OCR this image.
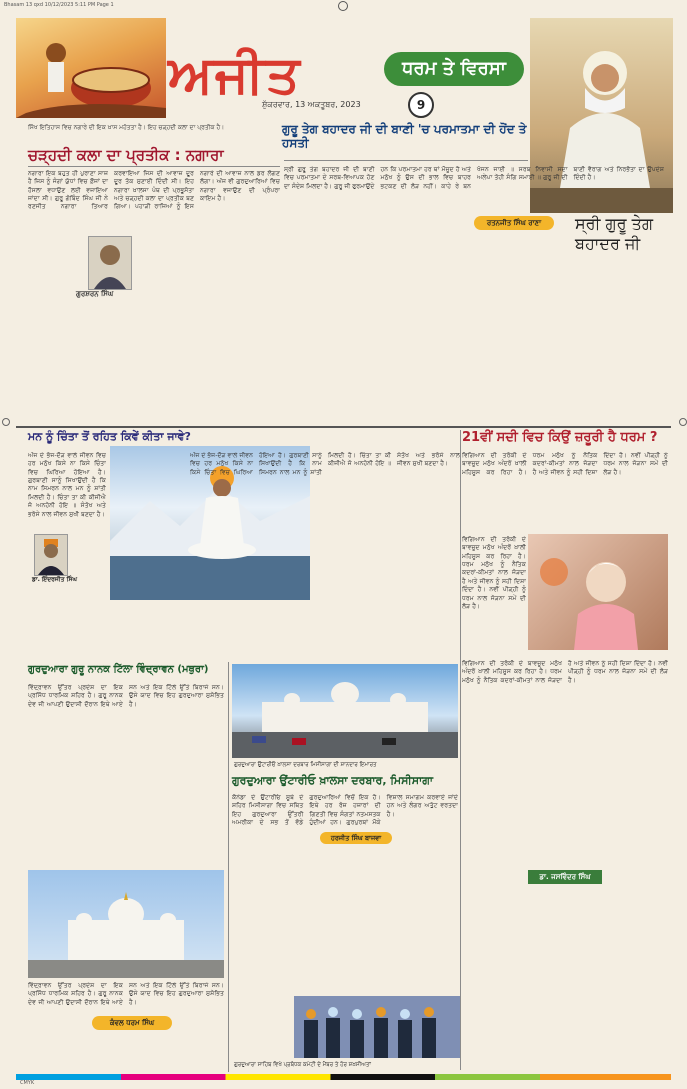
Bhasam 13 qxd 10/12/2023 5:11 PM Page 1
ਅਜੀਤ	ਧਰਮ ਤੇ ਵਿਰਸਾ
ਸ਼ੁੱਕਰਵਾਰ, 13 ਅਕਤੂਬਰ, 2023	9
ਸ੍ਰੀ ਗੁਰੂ ਤੇਗ ਬਹਾਦਰ ਜੀ
ਸਿੱਖ ਇਤਿਹਾਸ ਵਿਚ ਨਗਾਰੇ ਦੀ ਇਕ ਖ਼ਾਸ ਮਹੱਤਤਾ ਹੈ। ਇਹ ਚੜ੍ਹਦੀ ਕਲਾ ਦਾ ਪ੍ਰਤੀਕ ਹੈ।
ਚੜ੍ਹਦੀ ਕਲਾ ਦਾ ਪ੍ਰਤੀਕ : ਨਗਾਰਾ
ਨਗਾਰਾ ਇਕ ਬਹੁਤ ਹੀ ਪੁਰਾਣਾ ਸਾਜ਼ ਹੈ ਜਿਸ ਨੂੰ ਜੰਗਾਂ ਯੁੱਧਾਂ ਵਿਚ ਫ਼ੌਜਾਂ ਦਾ ਹੌਸਲਾ ਵਧਾਉਣ ਲਈ ਵਜਾਇਆ ਜਾਂਦਾ ਸੀ। ਗੁਰੂ ਗੋਬਿੰਦ ਸਿੰਘ ਜੀ ਨੇ ਰਣਜੀਤ ਨਗਾਰਾ ਤਿਆਰ ਕਰਵਾਇਆ ਜਿਸ ਦੀ ਆਵਾਜ਼ ਦੂਰ ਦੂਰ ਤੱਕ ਸੁਣਾਈ ਦਿੰਦੀ ਸੀ। ਇਹ ਨਗਾਰਾ ਖ਼ਾਲਸਾ ਪੰਥ ਦੀ ਪ੍ਰਭੂਸੱਤਾ ਅਤੇ ਚੜ੍ਹਦੀ ਕਲਾ ਦਾ ਪ੍ਰਤੀਕ ਬਣ ਗਿਆ। ਪਹਾੜੀ ਰਾਜਿਆਂ ਨੂੰ ਇਸ ਨਗਾਰੇ ਦੀ ਆਵਾਜ਼ ਨਾਲ ਡਰ ਲੱਗਣ ਲੱਗਾ। ਅੱਜ ਵੀ ਗੁਰਦੁਆਰਿਆਂ ਵਿਚ ਨਗਾਰਾ ਵਜਾਉਣ ਦੀ ਪ੍ਰੰਪਰਾ ਕਾਇਮ ਹੈ।
ਗੁਰਸ਼ਰਨ ਸਿੰਘ
ਗੁਰੂ ਤੇਗ ਬਹਾਦਰ ਜੀ ਦੀ ਬਾਣੀ 'ਚ ਪਰਮਾਤਮਾ ਦੀ ਹੋਂਦ ਤੇ ਹਸਤੀ
ਸ੍ਰੀ ਗੁਰੂ ਤੇਗ ਬਹਾਦਰ ਜੀ ਦੀ ਬਾਣੀ ਵਿਚ ਪਰਮਾਤਮਾ ਦੇ ਸਰਬ-ਵਿਆਪਕ ਹੋਣ ਦਾ ਸੰਦੇਸ਼ ਮਿਲਦਾ ਹੈ। ਗੁਰੂ ਜੀ ਫੁਰਮਾਉਂਦੇ ਹਨ ਕਿ ਪਰਮਾਤਮਾ ਹਰ ਥਾਂ ਮੌਜੂਦ ਹੈ ਅਤੇ ਮਨੁੱਖ ਨੂੰ ਉਸ ਦੀ ਭਾਲ ਵਿਚ ਬਾਹਰ ਭਟਕਣ ਦੀ ਲੋੜ ਨਹੀਂ। ਕਾਹੇ ਰੇ ਬਨ ਖੋਜਨ ਜਾਈ ॥ ਸਰਬ ਨਿਵਾਸੀ ਸਦਾ ਅਲੇਪਾ ਤੋਹੀ ਸੰਗਿ ਸਮਾਈ ॥ ਗੁਰੂ ਜੀ ਦੀ ਬਾਣੀ ਵੈਰਾਗ ਅਤੇ ਨਿਰਭੈਤਾ ਦਾ ਉਪਦੇਸ਼ ਦਿੰਦੀ ਹੈ।
ਰਤਨਜੀਤ ਸਿੰਘ ਰਾਣਾ
ਮਨ ਨੂੰ ਚਿੰਤਾ ਤੋਂ ਰਹਿਤ ਕਿਵੇਂ ਕੀਤਾ ਜਾਵੇ?
ਅੱਜ ਦੇ ਭੱਜ-ਦੌੜ ਵਾਲੇ ਜੀਵਨ ਵਿਚ ਹਰ ਮਨੁੱਖ ਕਿਸੇ ਨਾ ਕਿਸੇ ਚਿੰਤਾ ਵਿਚ ਘਿਰਿਆ ਹੋਇਆ ਹੈ। ਗੁਰਬਾਣੀ ਸਾਨੂੰ ਸਿਖਾਉਂਦੀ ਹੈ ਕਿ ਨਾਮ ਸਿਮਰਨ ਨਾਲ ਮਨ ਨੂੰ ਸ਼ਾਂਤੀ ਮਿਲਦੀ ਹੈ। ਚਿੰਤਾ ਤਾ ਕੀ ਕੀਜੀਐ ਜੋ ਅਨਹੋਨੀ ਹੋਇ ॥ ਸੰਤੋਖ ਅਤੇ ਭਰੋਸੇ ਨਾਲ ਜੀਵਨ ਸੁਖੀ ਬਣਦਾ ਹੈ।
ਡਾ. ਇੰਦਰਜੀਤ ਸਿੰਘ
ਅੱਜ ਦੇ ਭੱਜ-ਦੌੜ ਵਾਲੇ ਜੀਵਨ ਵਿਚ ਹਰ ਮਨੁੱਖ ਕਿਸੇ ਨਾ ਕਿਸੇ ਚਿੰਤਾ ਵਿਚ ਘਿਰਿਆ ਹੋਇਆ ਹੈ। ਗੁਰਬਾਣੀ ਸਾਨੂੰ ਸਿਖਾਉਂਦੀ ਹੈ ਕਿ ਨਾਮ ਸਿਮਰਨ ਨਾਲ ਮਨ ਨੂੰ ਸ਼ਾਂਤੀ ਮਿਲਦੀ ਹੈ। ਚਿੰਤਾ ਤਾ ਕੀ ਕੀਜੀਐ ਜੋ ਅਨਹੋਨੀ ਹੋਇ ॥ ਸੰਤੋਖ ਅਤੇ ਭਰੋਸੇ ਨਾਲ ਜੀਵਨ ਸੁਖੀ ਬਣਦਾ ਹੈ।
21ਵੀਂ ਸਦੀ ਵਿਚ ਕਿਉਂ ਜ਼ਰੂਰੀ ਹੈ ਧਰਮ ?
ਵਿਗਿਆਨ ਦੀ ਤਰੱਕੀ ਦੇ ਬਾਵਜੂਦ ਮਨੁੱਖ ਅੰਦਰੋਂ ਖ਼ਾਲੀ ਮਹਿਸੂਸ ਕਰ ਰਿਹਾ ਹੈ। ਧਰਮ ਮਨੁੱਖ ਨੂੰ ਨੈਤਿਕ ਕਦਰਾਂ-ਕੀਮਤਾਂ ਨਾਲ ਜੋੜਦਾ ਹੈ ਅਤੇ ਜੀਵਨ ਨੂੰ ਸਹੀ ਦਿਸ਼ਾ ਦਿੰਦਾ ਹੈ। ਨਵੀਂ ਪੀੜ੍ਹੀ ਨੂੰ ਧਰਮ ਨਾਲ ਜੋੜਨਾ ਸਮੇਂ ਦੀ ਲੋੜ ਹੈ।
ਵਿਗਿਆਨ ਦੀ ਤਰੱਕੀ ਦੇ ਬਾਵਜੂਦ ਮਨੁੱਖ ਅੰਦਰੋਂ ਖ਼ਾਲੀ ਮਹਿਸੂਸ ਕਰ ਰਿਹਾ ਹੈ। ਧਰਮ ਮਨੁੱਖ ਨੂੰ ਨੈਤਿਕ ਕਦਰਾਂ-ਕੀਮਤਾਂ ਨਾਲ ਜੋੜਦਾ ਹੈ ਅਤੇ ਜੀਵਨ ਨੂੰ ਸਹੀ ਦਿਸ਼ਾ ਦਿੰਦਾ ਹੈ। ਨਵੀਂ ਪੀੜ੍ਹੀ ਨੂੰ ਧਰਮ ਨਾਲ ਜੋੜਨਾ ਸਮੇਂ ਦੀ ਲੋੜ ਹੈ।
ਡਾ. ਜਸਵਿੰਦਰ ਸਿੰਘ
ਵਿਗਿਆਨ ਦੀ ਤਰੱਕੀ ਦੇ ਬਾਵਜੂਦ ਮਨੁੱਖ ਅੰਦਰੋਂ ਖ਼ਾਲੀ ਮਹਿਸੂਸ ਕਰ ਰਿਹਾ ਹੈ। ਧਰਮ ਮਨੁੱਖ ਨੂੰ ਨੈਤਿਕ ਕਦਰਾਂ-ਕੀਮਤਾਂ ਨਾਲ ਜੋੜਦਾ ਹੈ ਅਤੇ ਜੀਵਨ ਨੂੰ ਸਹੀ ਦਿਸ਼ਾ ਦਿੰਦਾ ਹੈ। ਨਵੀਂ ਪੀੜ੍ਹੀ ਨੂੰ ਧਰਮ ਨਾਲ ਜੋੜਨਾ ਸਮੇਂ ਦੀ ਲੋੜ ਹੈ।
ਗੁਰਦੁਆਰਾ ਗੁਰੂ ਨਾਨਕ ਟਿੱਲਾ ਵਿੰਦ੍ਰਾਵਨ (ਮਥੁਰਾ)
ਵਿੰਦ੍ਰਾਵਨ ਉੱਤਰ ਪ੍ਰਦੇਸ਼ ਦਾ ਇਕ ਪ੍ਰਸਿੱਧ ਧਾਰਮਿਕ ਸ਼ਹਿਰ ਹੈ। ਗੁਰੂ ਨਾਨਕ ਦੇਵ ਜੀ ਆਪਣੀ ਉਦਾਸੀ ਦੌਰਾਨ ਇਥੇ ਆਏ ਸਨ ਅਤੇ ਇਕ ਟਿੱਲੇ ਉੱਤੇ ਬਿਰਾਜੇ ਸਨ। ਉਸੇ ਯਾਦ ਵਿਚ ਇਹ ਗੁਰਦੁਆਰਾ ਸੁਸ਼ੋਭਿਤ ਹੈ।
ਵਿੰਦ੍ਰਾਵਨ ਉੱਤਰ ਪ੍ਰਦੇਸ਼ ਦਾ ਇਕ ਪ੍ਰਸਿੱਧ ਧਾਰਮਿਕ ਸ਼ਹਿਰ ਹੈ। ਗੁਰੂ ਨਾਨਕ ਦੇਵ ਜੀ ਆਪਣੀ ਉਦਾਸੀ ਦੌਰਾਨ ਇਥੇ ਆਏ ਸਨ ਅਤੇ ਇਕ ਟਿੱਲੇ ਉੱਤੇ ਬਿਰਾਜੇ ਸਨ। ਉਸੇ ਯਾਦ ਵਿਚ ਇਹ ਗੁਰਦੁਆਰਾ ਸੁਸ਼ੋਭਿਤ ਹੈ।
ਕੰਵਲ ਧਰਮ ਸਿੰਘ
ਗੁਰਦੁਆਰਾ ਉਂਟਾਰੀਓ ਖ਼ਾਲਸਾ ਦਰਬਾਰ ਮਿਸੀਸਾਗਾ ਦੀ ਸ਼ਾਨਦਾਰ ਇਮਾਰਤ
ਗੁਰਦੁਆਰਾ ਉਂਟਾਰੀਓ ਖ਼ਾਲਸਾ ਦਰਬਾਰ, ਮਿਸੀਸਾਗਾ
ਕੈਨੇਡਾ ਦੇ ਉਂਟਾਰੀਓ ਸੂਬੇ ਦੇ ਸ਼ਹਿਰ ਮਿਸੀਸਾਗਾ ਵਿਚ ਸਥਿਤ ਇਹ ਗੁਰਦੁਆਰਾ ਉੱਤਰੀ ਅਮਰੀਕਾ ਦੇ ਸਭ ਤੋਂ ਵੱਡੇ ਗੁਰਦੁਆਰਿਆਂ ਵਿਚੋਂ ਇਕ ਹੈ। ਇਥੇ ਹਰ ਰੋਜ਼ ਹਜ਼ਾਰਾਂ ਦੀ ਗਿਣਤੀ ਵਿਚ ਸੰਗਤਾਂ ਨਤਮਸਤਕ ਹੁੰਦੀਆਂ ਹਨ। ਗੁਰਪੁਰਬਾਂ ਮੌਕੇ ਵਿਸ਼ਾਲ ਸਮਾਗਮ ਕਰਵਾਏ ਜਾਂਦੇ ਹਨ ਅਤੇ ਲੰਗਰ ਅਤੁੱਟ ਵਰਤਦਾ ਹੈ।
ਹਰਜੀਤ ਸਿੰਘ ਬਾਜਵਾ
ਗੁਰਦੁਆਰਾ ਸਾਹਿਬ ਵਿਖੇ ਪ੍ਰਬੰਧਕ ਕਮੇਟੀ ਦੇ ਮੈਂਬਰ ਤੇ ਹੋਰ ਸ਼ਖ਼ਸੀਅਤਾਂ
CMYK
